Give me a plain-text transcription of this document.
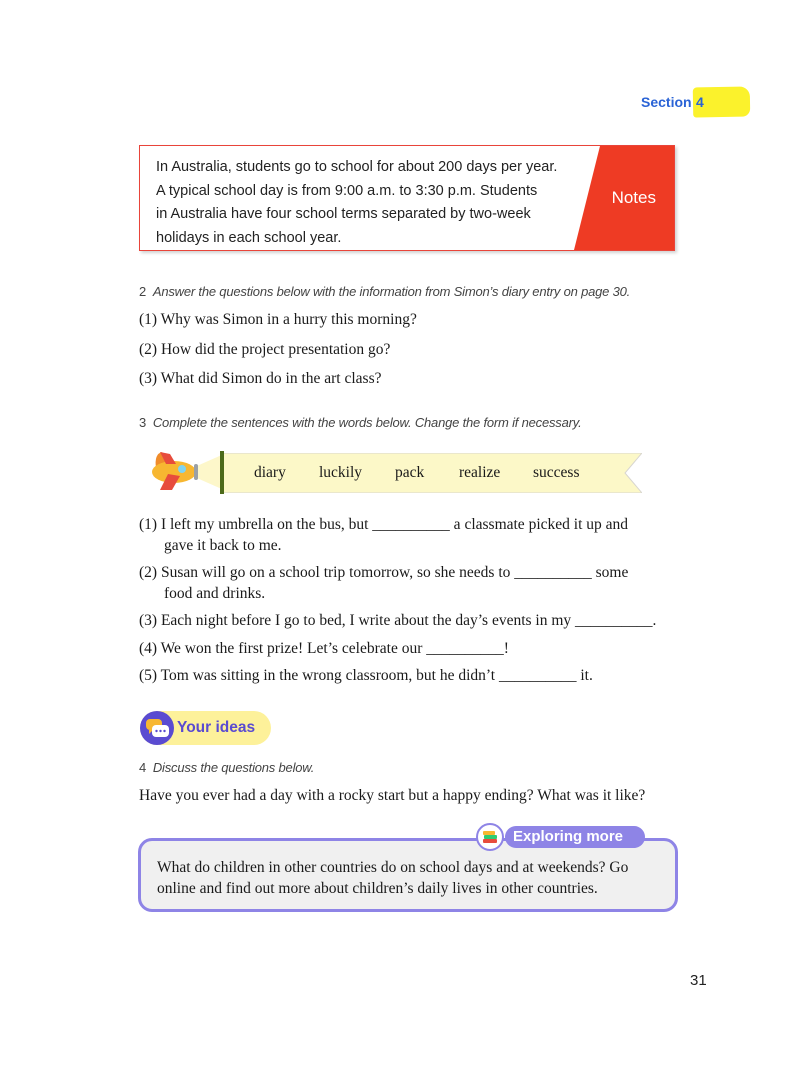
Section 4
In Australia, students go to school for about 200 days per year.
A typical school day is from 9:00 a.m. to 3:30 p.m. Students
in Australia have four school terms separated by two-week
holidays in each school year.
Notes
2 Answer the questions below with the information from Simon’s diary entry on page 30.
(1) Why was Simon in a hurry this morning?
(2) How did the project presentation go?
(3) What did Simon do in the art class?
3 Complete the sentences with the words below. Change the form if necessary.
diary	luckily	pack	realize	success
(1) I left my umbrella on the bus, but __________ a classmate picked it up and
gave it back to me.
(2) Susan will go on a school trip tomorrow, so she needs to __________ some
food and drinks.
(3) Each night before I go to bed, I write about the day’s events in my __________.
(4) We won the first prize! Let’s celebrate our __________!
(5) Tom was sitting in the wrong classroom, but he didn’t __________ it.
Your ideas
4 Discuss the questions below.
Have you ever had a day with a rocky start but a happy ending? What was it like?
Exploring more
What do children in other countries do on school days and at weekends? Go online and find out more about children’s daily lives in other countries.
31
